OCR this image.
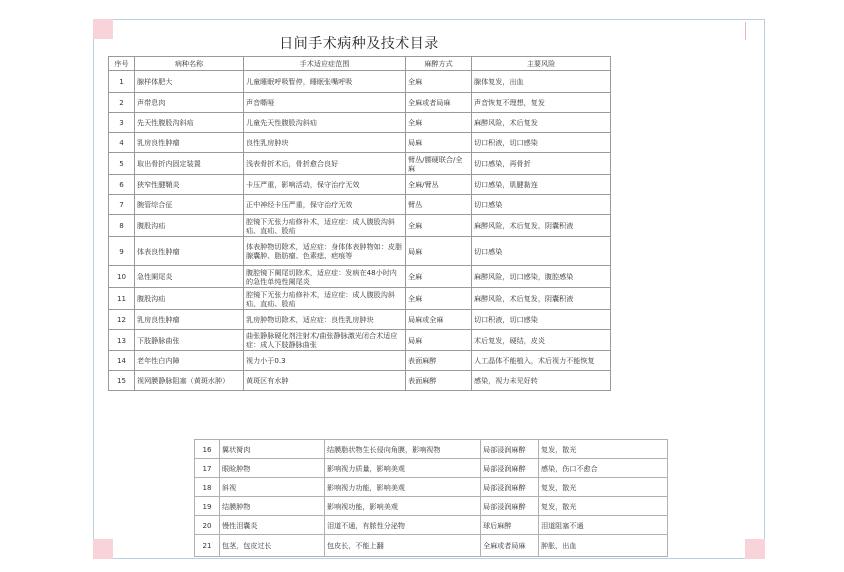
日间手术病种及技术目录
序号	病种名称	手术适应症范围	麻醉方式	主要风险
1	腺样体肥大	儿童睡眠呼吸暂停，睡眠张嘴呼吸	全麻	腺体复发，出血
2	声带息肉	声音嘶哑	全麻或者局麻	声音恢复不理想，复发
3	先天性腹股沟斜疝	儿童先天性腹股沟斜疝	全麻	麻醉风险，术后复发
4	乳房良性肿瘤	良性乳房肿块	局麻	切口积液，切口感染
5	取出骨折内固定装置	浅表骨折术后，骨折愈合良好	臂丛/腰硬联合/全麻	切口感染，再骨折
6	狭窄性腱鞘炎	卡压严重，影响活动，保守治疗无效	全麻/臂丛	切口感染，肌腱黏连
7	腕管综合征	正中神经卡压严重，保守治疗无效	臂丛	切口感染
8	腹股沟疝	腔镜下无张力疝修补术，适应症：成人腹股沟斜疝、直疝、股疝	全麻	麻醉风险，术后复发，阴囊积液
9	体表良性肿瘤	体表肿物切除术，适应症：身体体表肿物如：皮脂腺囊肿、脂肪瘤、色素痣、疤痕等	局麻	切口感染
10	急性阑尾炎	腹腔镜下阑尾切除术，适应症：发病在48小时内的急性单纯性阑尾炎	全麻	麻醉风险，切口感染，腹腔感染
11	腹股沟疝	腔镜下无张力疝修补术，适应症：成人腹股沟斜疝、直疝、股疝	全麻	麻醉风险，术后复发，阴囊积液
12	乳房良性肿瘤	乳房肿物切除术，适应症：良性乳房肿块	局麻或全麻	切口积液，切口感染
13	下肢静脉曲张	曲张静脉硬化剂注射术/曲张静脉激光闭合术适应症：成人下肢静脉曲张	局麻	术后复发，硬结，皮炎
14	老年性白内障	视力小于0.3	表面麻醉	人工晶体不能植入，术后视力不能恢复
15	视网膜静脉阻塞（黄斑水肿）	黄斑区有水肿	表面麻醉	感染，视力未见好转
16	翼状胬肉	结膜脂状物生长侵向角膜，影响视物	局部浸润麻醉	复发，散光
17	眼睑肿物	影响视力质量，影响美观	局部浸润麻醉	感染，伤口不愈合
18	斜视	影响视力功能，影响美观	局部浸润麻醉	复发，散光
19	结膜肿物	影响视功能，影响美观	局部浸润麻醉	复发，散光
20	慢性泪囊炎	泪道不通，有脓性分泌物	球后麻醉	泪道阻塞不通
21	包茎，包皮过长	包皮长，不能上翻	全麻或者局麻	肿胀，出血
